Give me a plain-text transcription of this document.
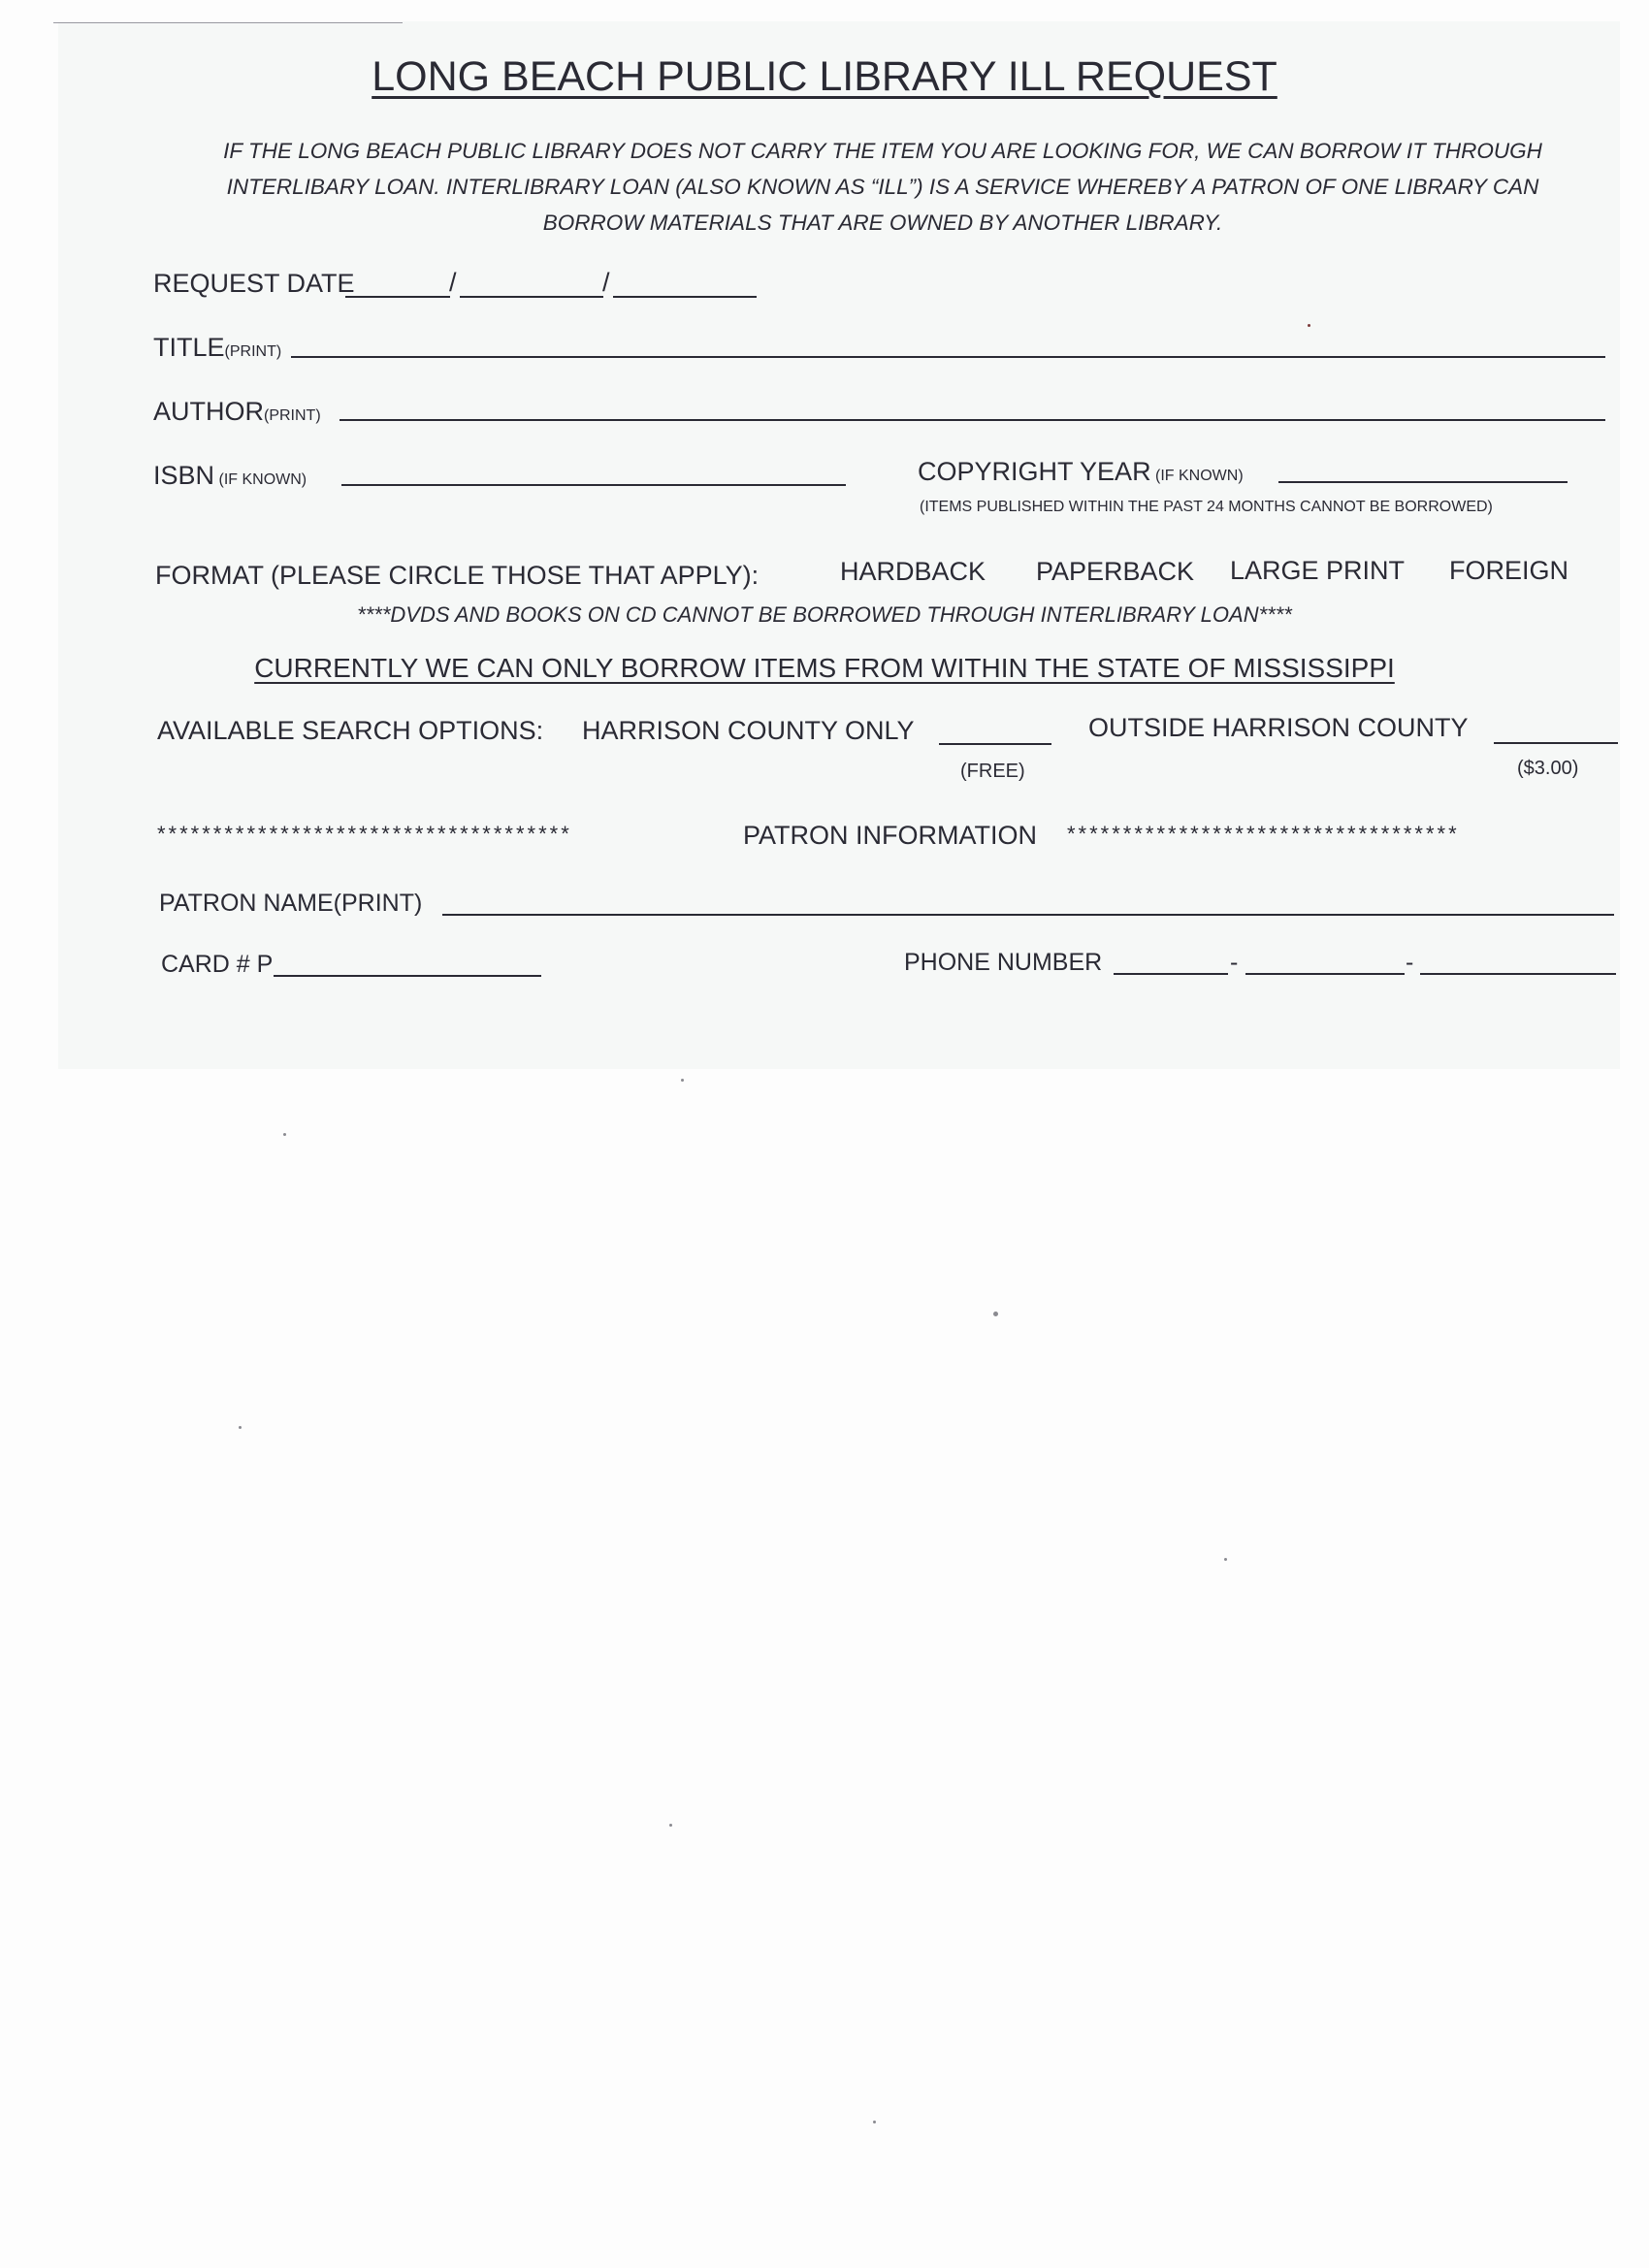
LONG BEACH PUBLIC LIBRARY ILL REQUEST
IF THE LONG BEACH PUBLIC LIBRARY DOES NOT CARRY THE ITEM YOU ARE LOOKING FOR, WE CAN BORROW IT THROUGH INTERLIBARY LOAN. INTERLIBRARY LOAN (ALSO KNOWN AS “ILL”) IS A SERVICE WHEREBY A PATRON OF ONE LIBRARY CAN BORROW MATERIALS THAT ARE OWNED BY ANOTHER LIBRARY.
REQUEST DATE	/	/
TITLE(PRINT)
AUTHOR(PRINT)
ISBN (IF KNOWN)	COPYRIGHT YEAR (IF KNOWN)
(ITEMS PUBLISHED WITHIN THE PAST 24 MONTHS CANNOT BE BORROWED)
FORMAT (PLEASE CIRCLE THOSE THAT APPLY):	HARDBACK PAPERBACK LARGE PRINT FOREIGN
****DVDS AND BOOKS ON CD CANNOT BE BORROWED THROUGH INTERLIBRARY LOAN****
CURRENTLY WE CAN ONLY BORROW ITEMS FROM WITHIN THE STATE OF MISSISSIPPI
AVAILABLE SEARCH OPTIONS: HARRISON COUNTY ONLY
(FREE)
OUTSIDE HARRISON COUNTY
($3.00)
*************************************	PATRON INFORMATION ***********************************
PATRON NAME(PRINT)
CARD # P	PHONE NUMBER	-	-
